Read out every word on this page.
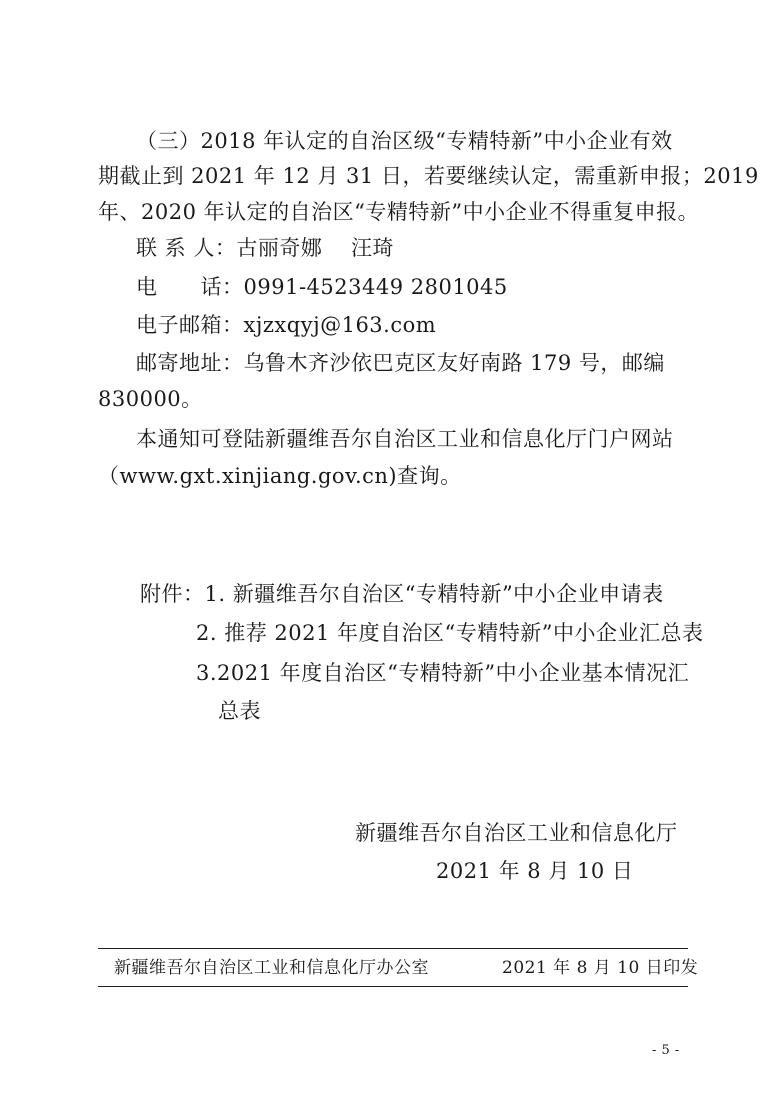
（三）2018 年认定的自治区级“专精特新”中小企业有效
期截止到 2021 年 12 月 31 日，若要继续认定，需重新申报；2019
年、2020 年认定的自治区“专精特新”中小企业不得重复申报。
联 系 人：古丽奇娜　 汪琦
电　　话：0991-4523449 2801045
电子邮箱：xjzxqyj@163.com
邮寄地址：乌鲁木齐沙依巴克区友好南路 179 号，邮编
830000。
本通知可登陆新疆维吾尔自治区工业和信息化厅门户网站
（www.gxt.xinjiang.gov.cn)查询。
附件：1. 新疆维吾尔自治区“专精特新”中小企业申请表
2. 推荐 2021 年度自治区“专精特新”中小企业汇总表
3.2021 年度自治区“专精特新”中小企业基本情况汇
总表
新疆维吾尔自治区工业和信息化厅
2021 年 8 月 10 日
新疆维吾尔自治区工业和信息化厅办公室	2021 年 8 月 10 日印发
- 5 -
